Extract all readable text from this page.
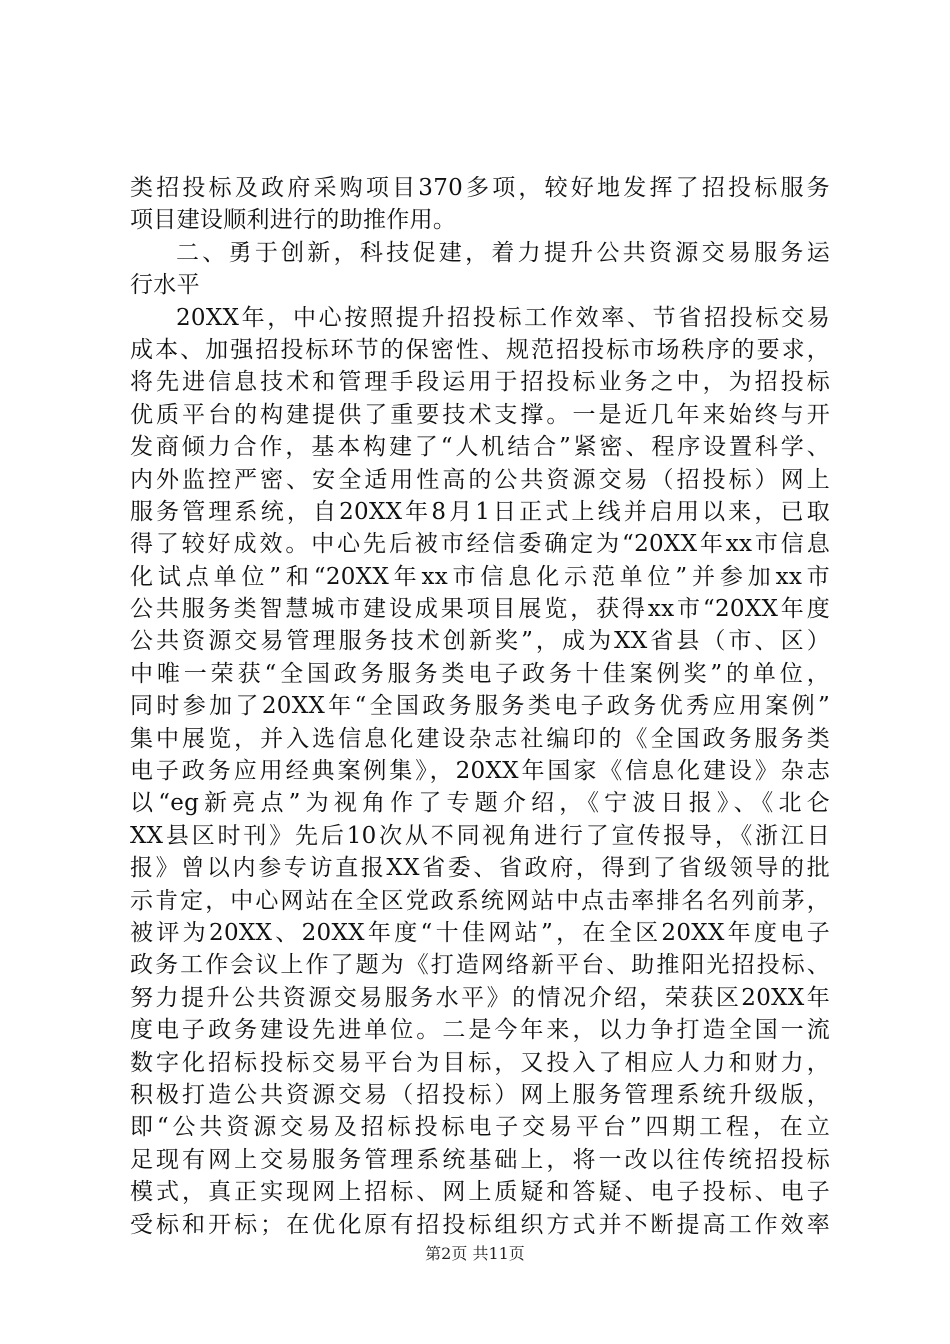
类招投标及政府采购项目370多项，较好地发挥了招投标服务
项目建设顺利进行的助推作用。
二、勇于创新，科技促建，着力提升公共资源交易服务运
行水平
20XX年，中心按照提升招投标工作效率、节省招投标交易
成本、加强招投标环节的保密性、规范招投标市场秩序的要求，
将先进信息技术和管理手段运用于招投标业务之中，为招投标
优质平台的构建提供了重要技术支撑。一是近几年来始终与开
发商倾力合作，基本构建了“人机结合”紧密、程序设置科学、
内外监控严密、安全适用性高的公共资源交易（招投标）网上
服务管理系统，自20XX年8月1日正式上线并启用以来，已取
得了较好成效。中心先后被市经信委确定为“20XX年xx市信息
化试点单位”和“20XX年xx市信息化示范单位”并参加xx市
公共服务类智慧城市建设成果项目展览，获得xx市“20XX年度
公共资源交易管理服务技术创新奖”，成为XX省县（市、区）
中唯一荣获“全国政务服务类电子政务十佳案例奖”的单位，
同时参加了20XX年“全国政务服务类电子政务优秀应用案例”
集中展览，并入选信息化建设杂志社编印的《全国政务服务类
电子政务应用经典案例集》，20XX年国家《信息化建设》杂志
以“eg新亮点”为视角作了专题介绍，《宁波日报》、《北仑
XX县区时刊》先后10次从不同视角进行了宣传报导，《浙江日
报》曾以内参专访直报XX省委、省政府，得到了省级领导的批
示肯定，中心网站在全区党政系统网站中点击率排名名列前茅，
被评为20XX、20XX年度“十佳网站”，在全区20XX年度电子
政务工作会议上作了题为《打造网络新平台、助推阳光招投标、
努力提升公共资源交易服务水平》的情况介绍，荣获区20XX年
度电子政务建设先进单位。二是今年来，以力争打造全国一流
数字化招标投标交易平台为目标，又投入了相应人力和财力，
积极打造公共资源交易（招投标）网上服务管理系统升级版，
即“公共资源交易及招标投标电子交易平台”四期工程，在立
足现有网上交易服务管理系统基础上，将一改以往传统招投标
模式，真正实现网上招标、网上质疑和答疑、电子投标、电子
受标和开标；在优化原有招投标组织方式并不断提高工作效率
第2页 共11页
